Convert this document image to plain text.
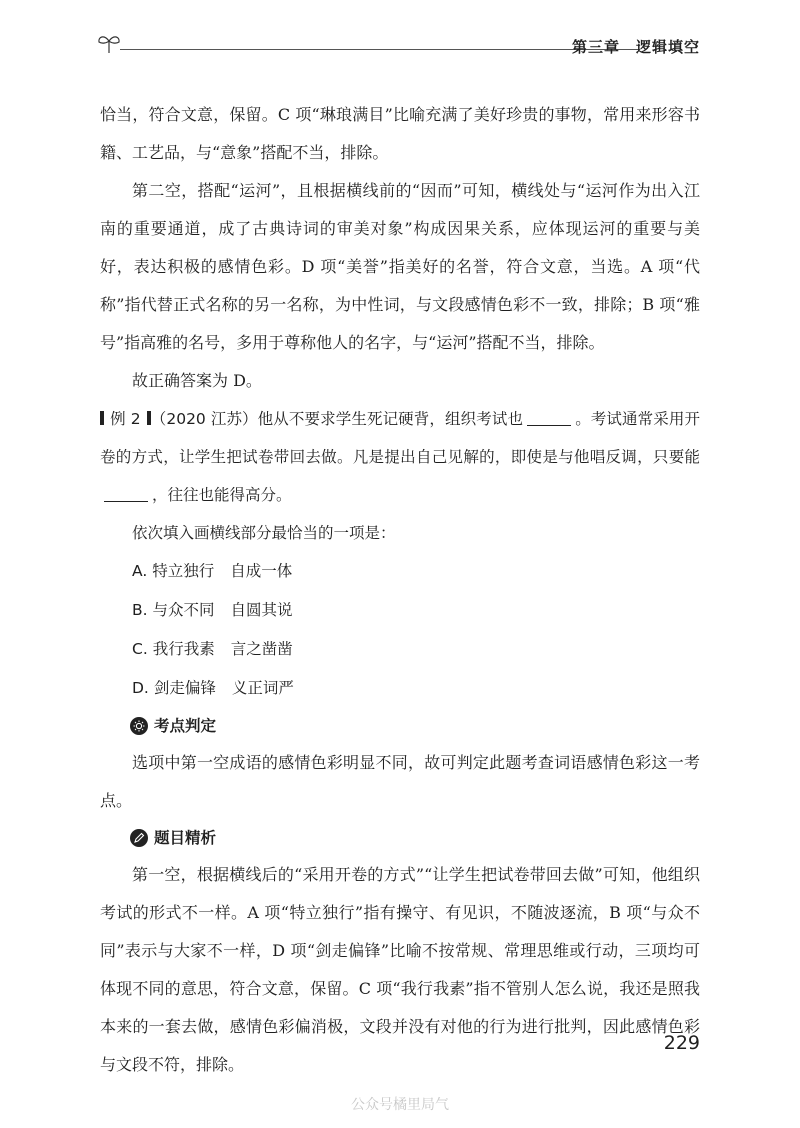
第三章 逻辑填空

恰当，符合文意，保留。C 项“琳琅满目”比喻充满了美好珍贵的事物，常用来形容书籍、工艺品，与“意象”搭配不当，排除。

第二空，搭配“运河”，且根据横线前的“因而”可知，横线处与“运河作为出入江南的重要通道，成了古典诗词的审美对象”构成因果关系，应体现运河的重要与美好，表达积极的感情色彩。D 项“美誉”指美好的名誉，符合文意，当选。A 项“代称”指代替正式名称的另一名称，为中性词，与文段感情色彩不一致，排除；B 项“雅号”指高雅的名号，多用于尊称他人的名字，与“运河”搭配不当，排除。

故正确答案为 D。

例 2 （2020 江苏）他从不要求学生死记硬背，组织考试也	。考试通常采用开卷的方式，让学生把试卷带回去做。凡是提出自己见解的，即使是与他唱反调，只要能，往往也能得高分。

依次填入画横线部分最恰当的一项是：

A. 特立独行 自成一体
B. 与众不同 自圆其说
C. 我行我素 言之凿凿
D. 剑走偏锋 义正词严
考点判定

选项中第一空成语的感情色彩明显不同，故可判定此题考查词语感情色彩这一考点。

题目精析

第一空，根据横线后的“采用开卷的方式”“让学生把试卷带回去做”可知，他组织考试的形式不一样。A 项“特立独行”指有操守、有见识，不随波逐流，B 项“与众不同”表示与大家不一样，D 项“剑走偏锋”比喻不按常规、常理思维或行动，三项均可体现不同的意思，符合文意，保留。C 项“我行我素”指不管别人怎么说，我还是照我本来的一套去做，感情色彩偏消极，文段并没有对他的行为进行批判，因此感情色彩与文段不符，排除。

229
公众号橘里局气
